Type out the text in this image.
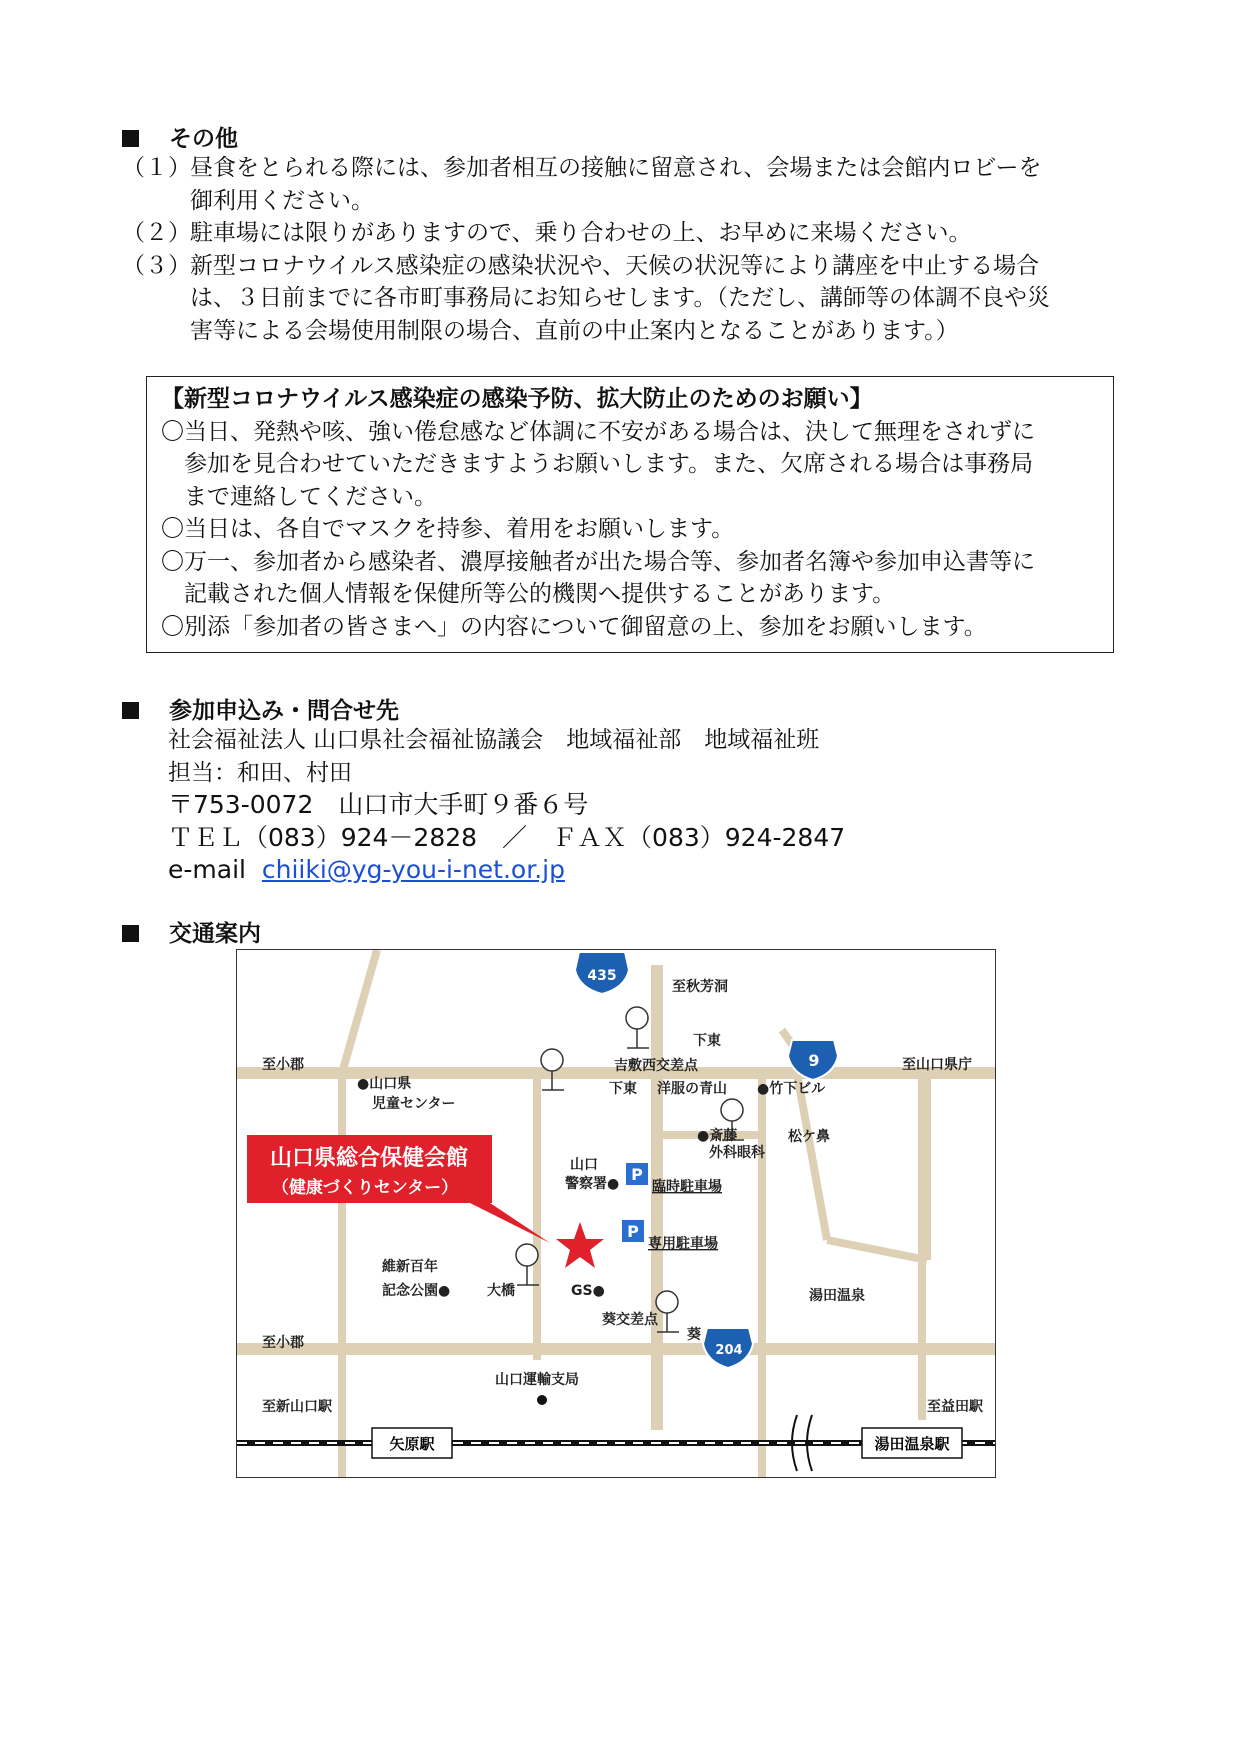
その他
（１） 昼食をとられる際には、参加者相互の接触に留意され、会場または会館内ロビーを
御利用ください。
（２） 駐車場には限りがありますので、乗り合わせの上、お早めに来場ください。
（３） 新型コロナウイルス感染症の感染状況や、天候の状況等により講座を中止する場合
は、３日前までに各市町事務局にお知らせします。（ただし、講師等の体調不良や災
害等による会場使用制限の場合、直前の中止案内となることがあります。）
【新型コロナウイルス感染症の感染予防、拡大防止のためのお願い】
〇当日、発熱や咳、強い倦怠感など体調に不安がある場合は、決して無理をされずに
　参加を見合わせていただきますようお願いします。また、欠席される場合は事務局
　まで連絡してください。
〇当日は、各自でマスクを持参、着用をお願いします。
〇万一、参加者から感染者、濃厚接触者が出た場合等、参加者名簿や参加申込書等に
　記載された個人情報を保健所等公的機関へ提供することがあります。
〇別添「参加者の皆さまへ」の内容について御留意の上、参加をお願いします。
参加申込み・問合せ先
社会福祉法人 山口県社会福祉協議会　地域福祉部　地域福祉班
担当：和田、村田
〒753-0072　山口市大手町９番６号
ＴＥＬ（083）924－2828　／　ＦＡＸ（083）924-2847
e-mail chiiki@yg-you-i-net.or.jp
交通案内
矢原駅	湯田温泉駅
435
9
204
P
P
山口県総合保健会館
（健康づくりセンター）
至秋芳洞
至小郡
至小郡
至山口県庁
至新山口駅	至益田駅
●山口県
児童センター
吉敷西交差点
下東
下東 洋服の青山 ●竹下ビル
松ケ鼻
●斎藤
外科眼科
山口
警察署● 臨時駐車場
専用駐車場
維新百年
記念公園●	大橋	GS●
葵交差点
葵
湯田温泉
山口運輸支局
